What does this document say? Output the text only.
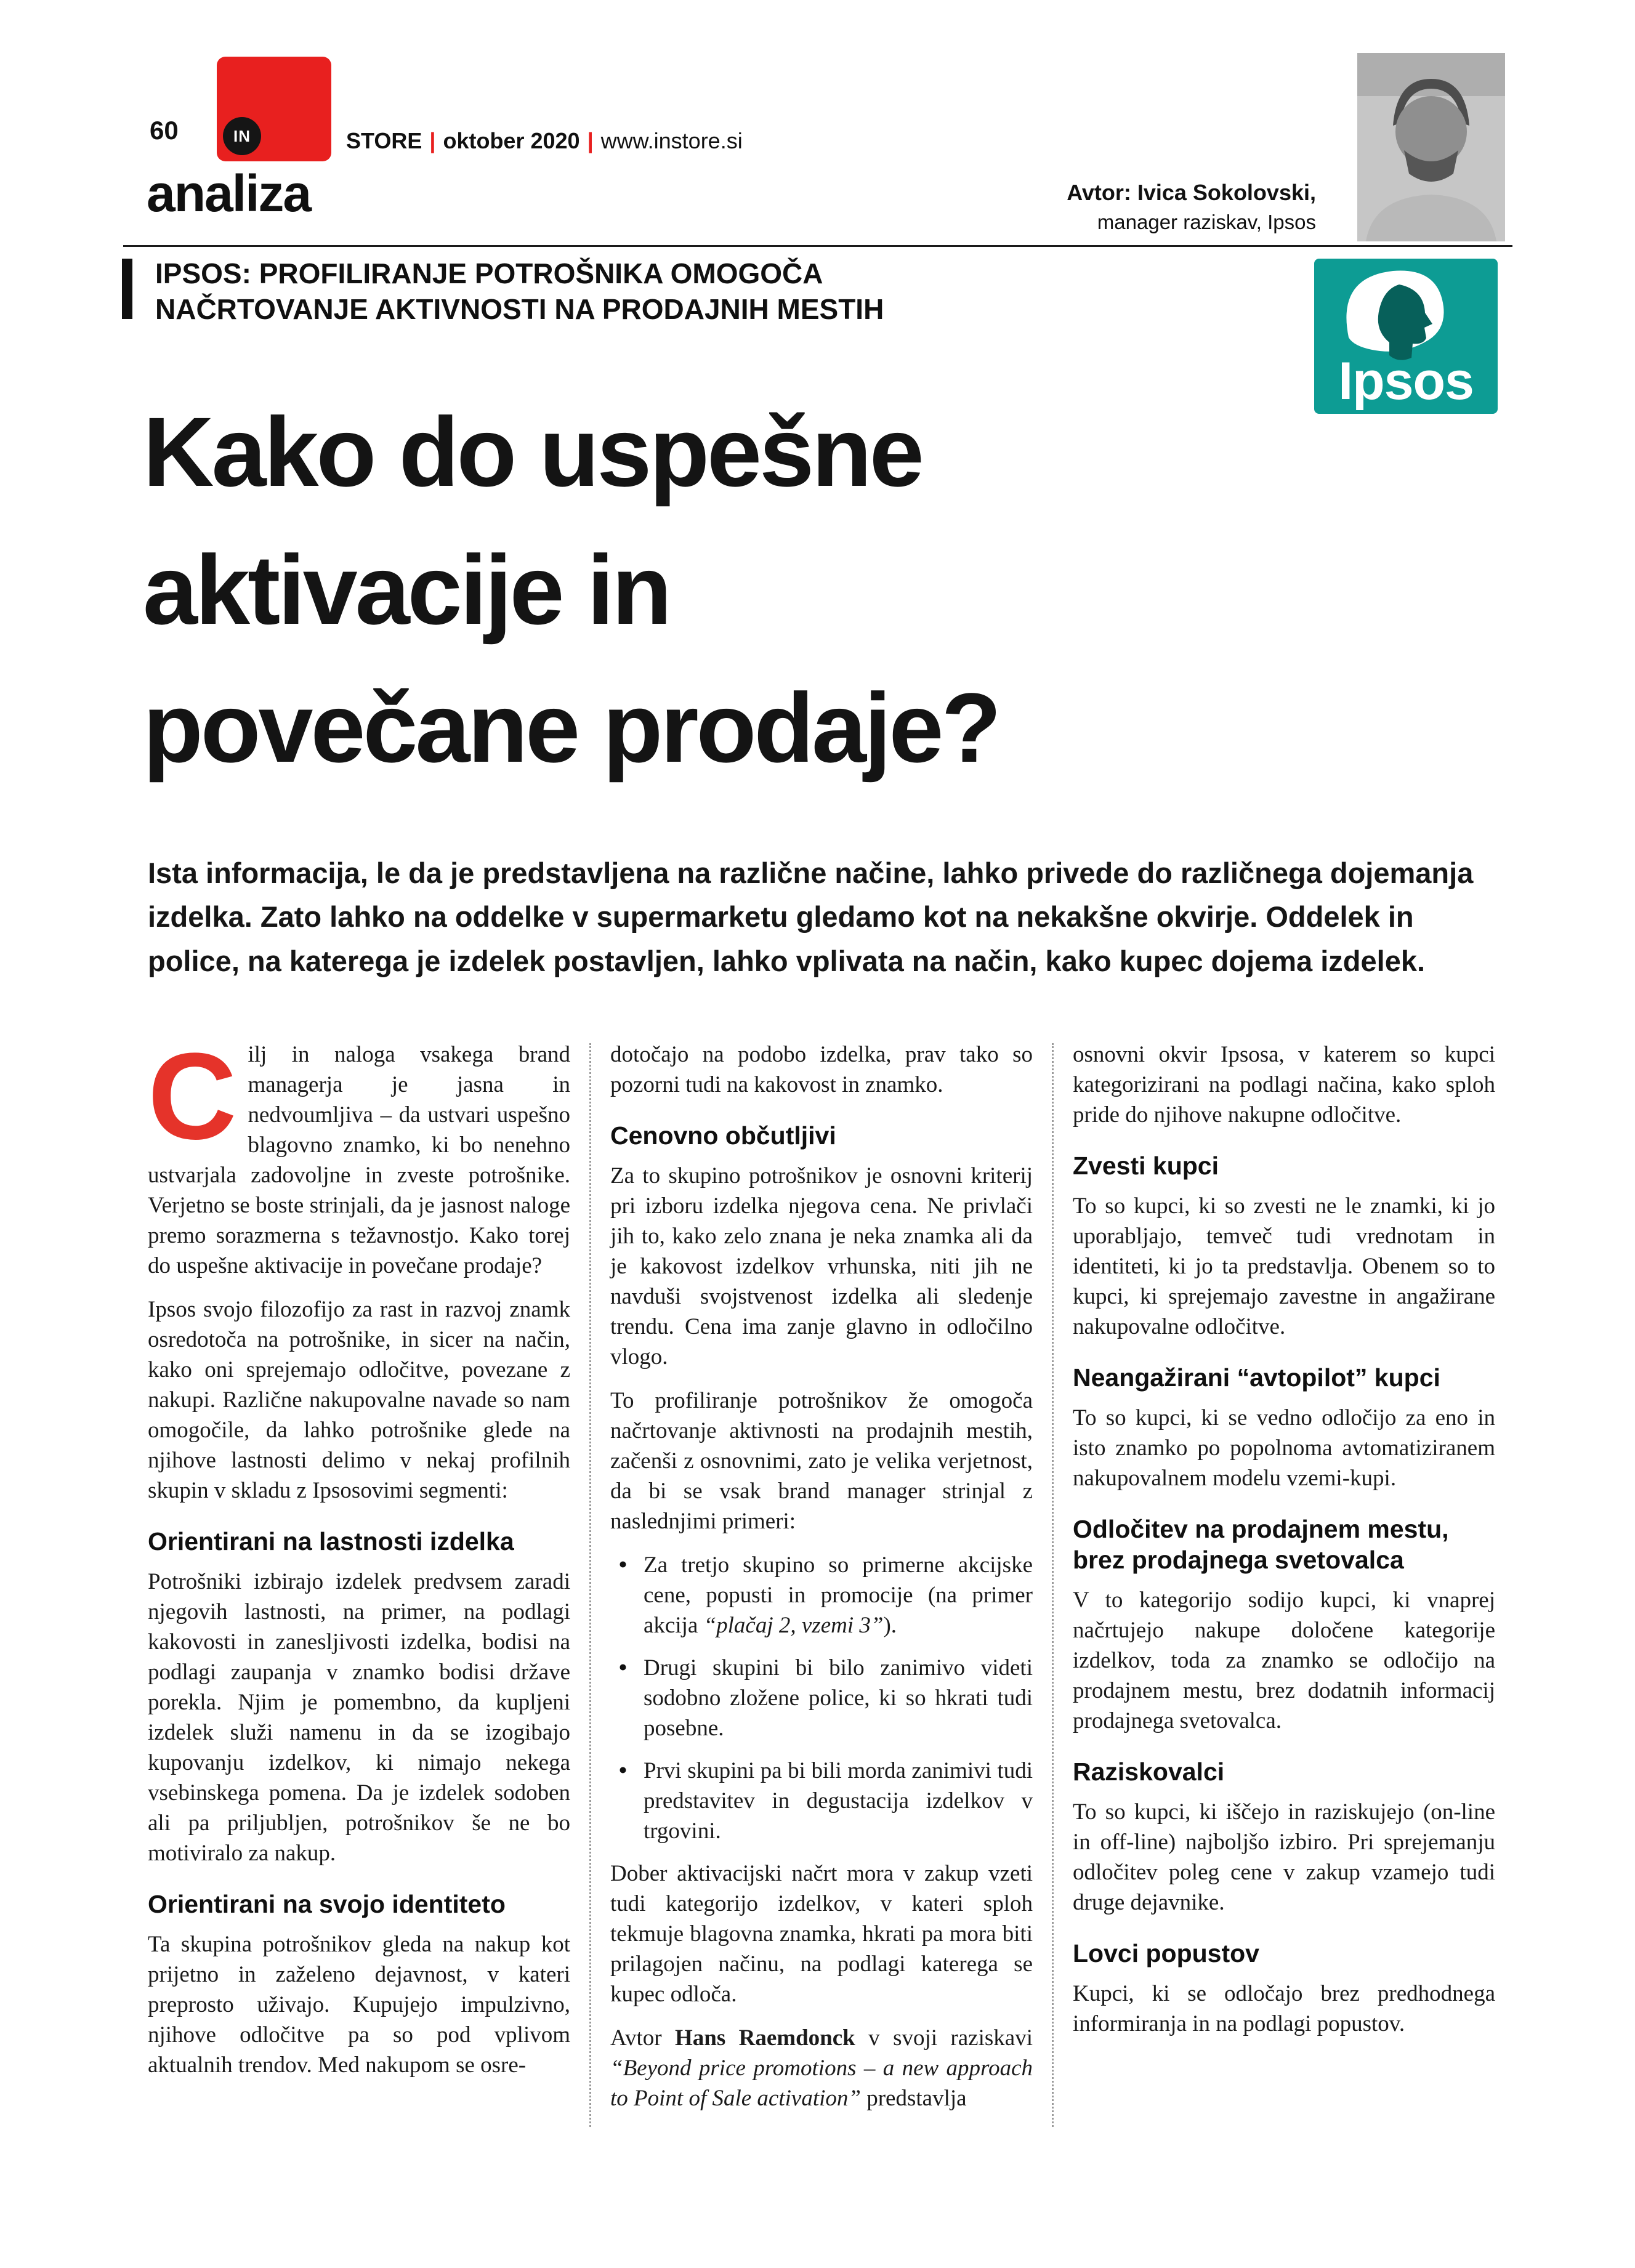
60	IN	STORE | oktober 2020 | www.instore.si
analiza	Avtor: Ivica Sokolovski,
manager raziskav, Ipsos
IPSOS: PROFILIRANJE POTROŠNIKA OMOGOČA
NAČRTOVANJE AKTIVNOSTI NA PRODAJNIH MESTIH
Ipsos
Kako do uspešne
aktivacije in
povečane prodaje?

Ista informacija, le da je predstavljena na različne načine, lahko privede do različnega dojemanja izdelka. Zato lahko na oddelke v supermarketu gledamo kot na nekakšne okvirje. Oddelek in police, na katerega je izdelek postavljen, lahko vplivata na način, kako kupec dojema izdelek.

Cilj in naloga vsakega brand managerja je jasna in nedvoumljiva – da ustvari uspešno blagovno znamko, ki bo nenehno ustvarjala zadovoljne in zveste potrošnike. Verjetno se boste strinjali, da je jasnost naloge premo sorazmerna s težavnostjo. Kako torej do uspešne aktivacije in povečane prodaje?

Ipsos svojo filozofijo za rast in razvoj znamk osredotoča na potrošnike, in sicer na način, kako oni sprejemajo odločitve, povezane z nakupi. Različne nakupovalne navade so nam omogočile, da lahko potrošnike glede na njihove lastnosti delimo v nekaj profilnih skupin v skladu z Ipsosovimi segmenti:

Orientirani na lastnosti izdelka

Potrošniki izbirajo izdelek predvsem zaradi njegovih lastnosti, na primer, na podlagi kakovosti in zanesljivosti izdelka, bodisi na podlagi zaupanja v znamko bodisi države porekla. Njim je pomembno, da kupljeni izdelek služi namenu in da se izogibajo kupovanju izdelkov, ki nimajo nekega vsebinskega pomena. Da je izdelek sodoben ali pa priljubljen, potrošnikov še ne bo motiviralo za nakup.

Orientirani na svojo identiteto

Ta skupina potrošnikov gleda na nakup kot prijetno in zaželeno dejavnost, v kateri preprosto uživajo. Kupujejo impulzivno, njihove odločitve pa so pod vplivom aktualnih trendov. Med nakupom se osre-

dotočajo na podobo izdelka, prav tako so pozorni tudi na kakovost in znamko.

Cenovno občutljivi

Za to skupino potrošnikov je osnovni kriterij pri izboru izdelka njegova cena. Ne privlači jih to, kako zelo znana je neka znamka ali da je kakovost izdelkov vrhunska, niti jih ne navduši svojstvenost izdelka ali sledenje trendu. Cena ima zanje glavno in odločilno vlogo.

To profiliranje potrošnikov že omogoča načrtovanje aktivnosti na prodajnih mestih, začenši z osnovnimi, zato je velika verjetnost, da bi se vsak brand manager strinjal z naslednjimi primeri:

• Za tretjo skupino so primerne akcijske cene, popusti in promocije (na primer akcija “plačaj 2, vzemi 3”).
• Drugi skupini bi bilo zanimivo videti sodobno zložene police, ki so hkrati tudi posebne.
• Prvi skupini pa bi bili morda zanimivi tudi predstavitev in degustacija izdelkov v trgovini.

Dober aktivacijski načrt mora v zakup vzeti tudi kategorijo izdelkov, v kateri sploh tekmuje blagovna znamka, hkrati pa mora biti prilagojen načinu, na podlagi katerega se kupec odloča.

Avtor Hans Raemdonck v svoji raziskavi “Beyond price promotions – a new approach to Point of Sale activation” predstavlja

osnovni okvir Ipsosa, v katerem so kupci kategorizirani na podlagi načina, kako sploh pride do njihove nakupne odločitve.

Zvesti kupci

To so kupci, ki so zvesti ne le znamki, ki jo uporabljajo, temveč tudi vrednotam in identiteti, ki jo ta predstavlja. Obenem so to kupci, ki sprejemajo zavestne in angažirane nakupovalne odločitve.

Neangažirani “avtopilot” kupci

To so kupci, ki se vedno odločijo za eno in isto znamko po popolnoma avtomatiziranem nakupovalnem modelu vzemi-kupi.

Odločitev na prodajnem mestu, brez prodajnega svetovalca

V to kategorijo sodijo kupci, ki vnaprej načrtujejo nakupe določene kategorije izdelkov, toda za znamko se odločijo na prodajnem mestu, brez dodatnih informacij prodajnega svetovalca.

Raziskovalci

To so kupci, ki iščejo in raziskujejo (on-line in off-line) najboljšo izbiro. Pri sprejemanju odločitev poleg cene v zakup vzamejo tudi druge dejavnike.

Lovci popustov

Kupci, ki se odločajo brez predhodnega informiranja in na podlagi popustov.
